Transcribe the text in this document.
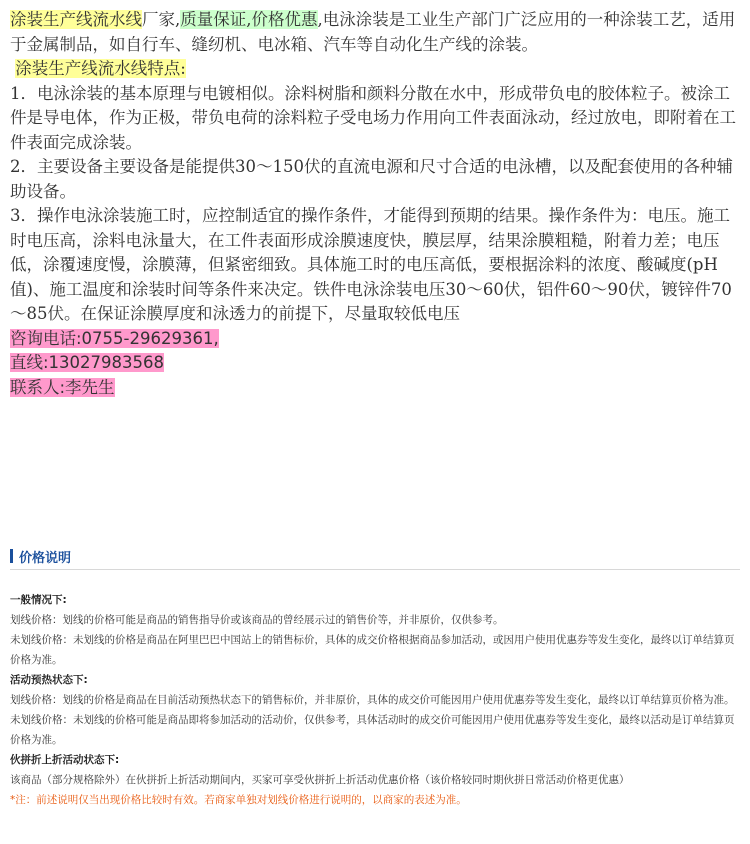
涂装生产线流水线厂家,质量保证,价格优惠,电泳涂装是工业生产部门广泛应用的一种涂装工艺，适用于金属制品，如自行车、缝纫机、电冰箱、汽车等自动化生产线的涂装。

涂装生产线流水线特点:

1．电泳涂装的基本原理与电镀相似。涂料树脂和颜料分散在水中，形成带负电的胶体粒子。被涂工件是导电体，作为正极，带负电荷的涂料粒子受电场力作用向工件表面泳动，经过放电，即附着在工件表面完成涂装。

2．主要设备主要设备是能提供30～150伏的直流电源和尺寸合适的电泳槽，以及配套使用的各种辅助设备。

3．操作电泳涂装施工时，应控制适宜的操作条件，才能得到预期的结果。操作条件为：电压。施工时电压高，涂料电泳量大，在工件表面形成涂膜速度快，膜层厚，结果涂膜粗糙，附着力差；电压低，涂覆速度慢，涂膜薄，但紧密细致。具体施工时的电压高低，要根据涂料的浓度、酸碱度(pH值)、施工温度和涂装时间等条件来决定。铁件电泳涂装电压30～60伏，铝件60～90伏，镀锌件70～85伏。在保证涂膜厚度和泳透力的前提下，尽量取较低电压

咨询电话:0755-29629361,

直线:13027983568

联系人:李先生

价格说明

一般情况下:

划线价格：划线的价格可能是商品的销售指导价或该商品的曾经展示过的销售价等，并非原价，仅供参考。

未划线价格：未划线的价格是商品在阿里巴巴中国站上的销售标价，具体的成交价格根据商品参加活动，或因用户使用优惠券等发生变化，最终以订单结算页价格为准。

活动预热状态下:

划线价格：划线的价格是商品在目前活动预热状态下的销售标价，并非原价，具体的成交价可能因用户使用优惠券等发生变化，最终以订单结算页价格为准。

未划线价格：未划线的价格可能是商品即将参加活动的活动价，仅供参考，具体活动时的成交价可能因用户使用优惠券等发生变化，最终以活动是订单结算页价格为准。

伙拼折上折活动状态下:

该商品（部分规格除外）在伙拼折上折活动期间内，买家可享受伙拼折上折活动优惠价格（该价格较同时期伙拼日常活动价格更优惠）

*注：前述说明仅当出现价格比较时有效。若商家单独对划线价格进行说明的，以商家的表述为准。
